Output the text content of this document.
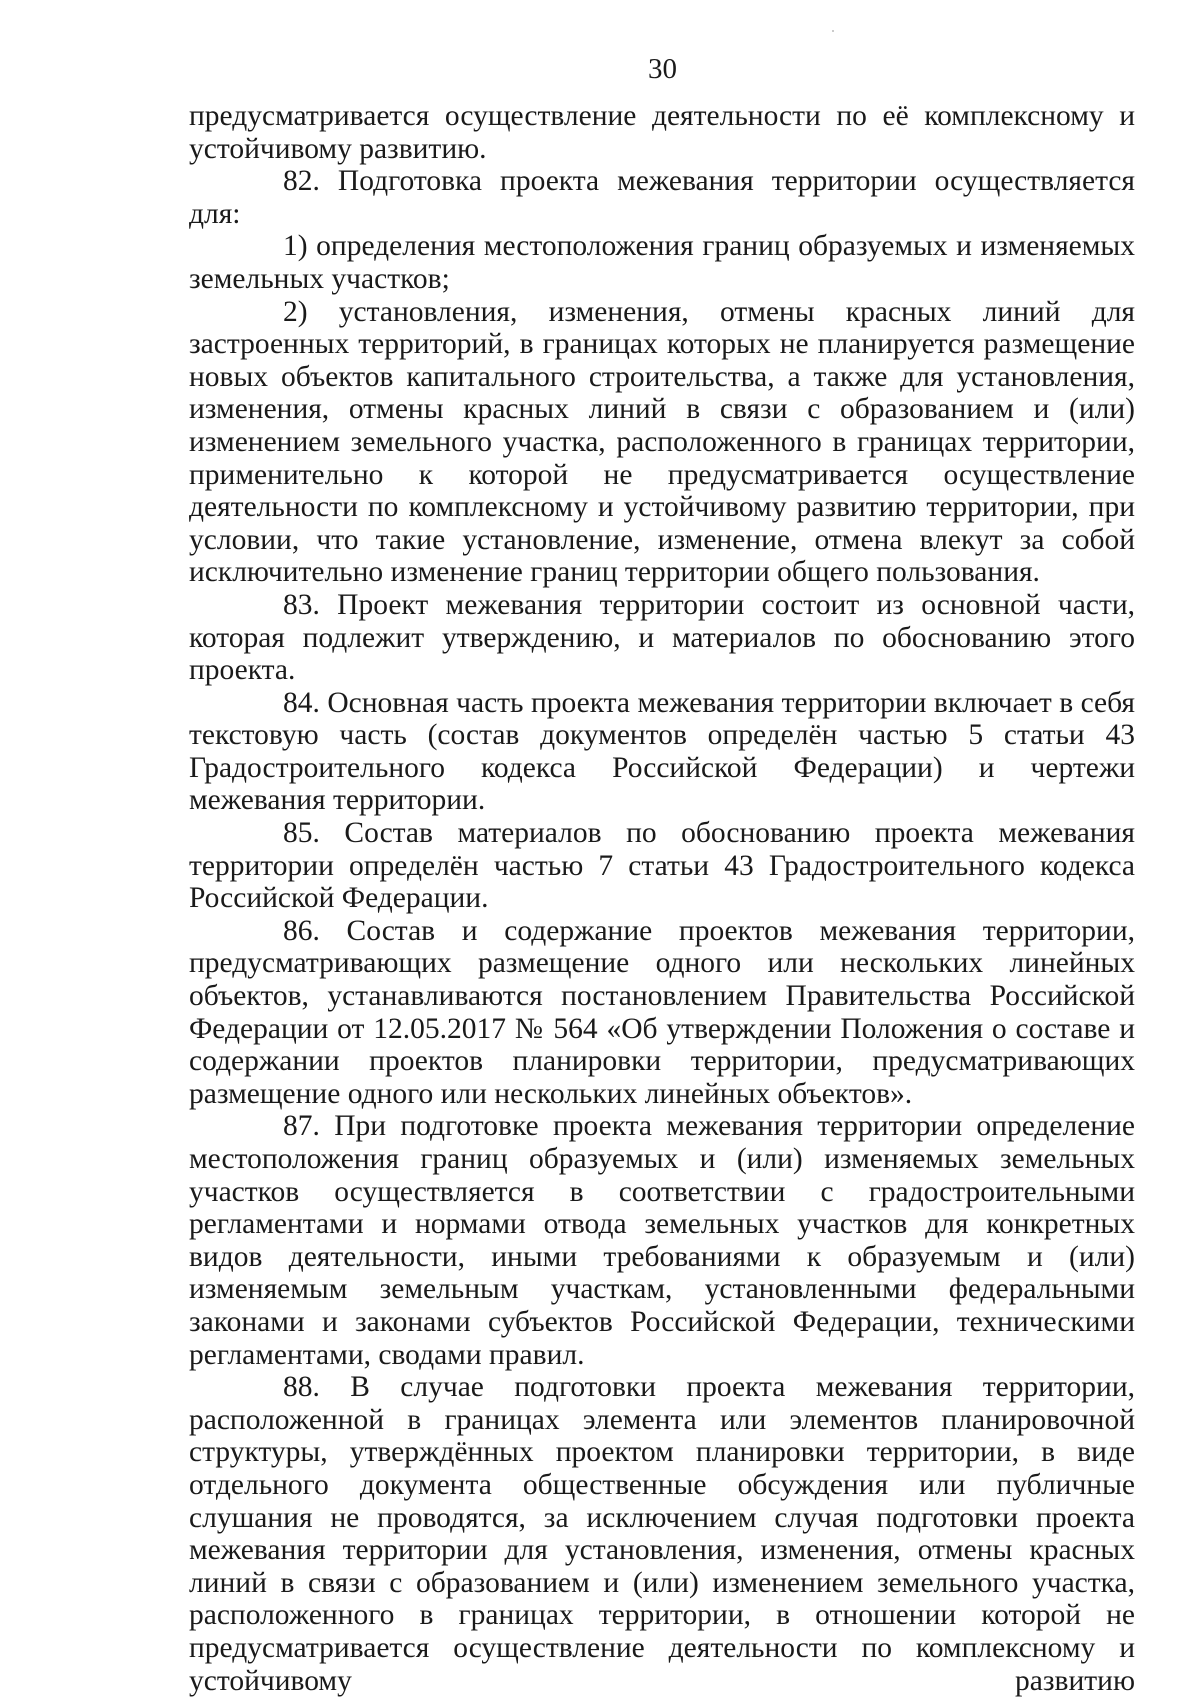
30

предусматривается осуществление деятельности по её комплексному и устойчивому развитию.

82. Подготовка проекта межевания территории осуществляется для:

1) определения местоположения границ образуемых и изменяемых земельных участков;

2) установления, изменения, отмены красных линий для застроенных территорий, в границах которых не планируется размещение новых объектов капитального строительства, а также для установления, изменения, отмены красных линий в связи с образованием и (или) изменением земельного участка, расположенного в границах территории, применительно к которой не предусматривается осуществление деятельности по комплексному и устойчивому развитию территории, при условии, что такие установление, изменение, отмена влекут за собой исключительно изменение границ территории общего пользования.

83. Проект межевания территории состоит из основной части, которая подлежит утверждению, и материалов по обоснованию этого проекта.

84. Основная часть проекта межевания территории включает в себя текстовую часть (состав документов определён частью 5 статьи 43 Градостроительного кодекса Российской Федерации) и чертежи межевания территории.

85. Состав материалов по обоснованию проекта межевания территории определён частью 7 статьи 43 Градостроительного кодекса Российской Федерации.

86. Состав и содержание проектов межевания территории, предусматривающих размещение одного или нескольких линейных объектов, устанавливаются постановлением Правительства Российской Федерации от 12.05.2017 № 564 «Об утверждении Положения о составе и содержании проектов планировки территории, предусматривающих размещение одного или нескольких линейных объектов».

87. При подготовке проекта межевания территории определение местоположения границ образуемых и (или) изменяемых земельных участков осуществляется в соответствии с градостроительными регламентами и нормами отвода земельных участков для конкретных видов деятельности, иными требованиями к образуемым и (или) изменяемым земельным участкам, установленными федеральными законами и законами субъектов Российской Федерации, техническими регламентами, сводами правил.

88. В случае подготовки проекта межевания территории, расположенной в границах элемента или элементов планировочной структуры, утверждённых проектом планировки территории, в виде отдельного документа общественные обсуждения или публичные слушания не проводятся, за исключением случая подготовки проекта межевания территории для установления, изменения, отмены красных линий в связи с образованием и (или) изменением земельного участка, расположенного в границах территории, в отношении которой не предусматривается осуществление деятельности по комплексному и устойчивому развитию
